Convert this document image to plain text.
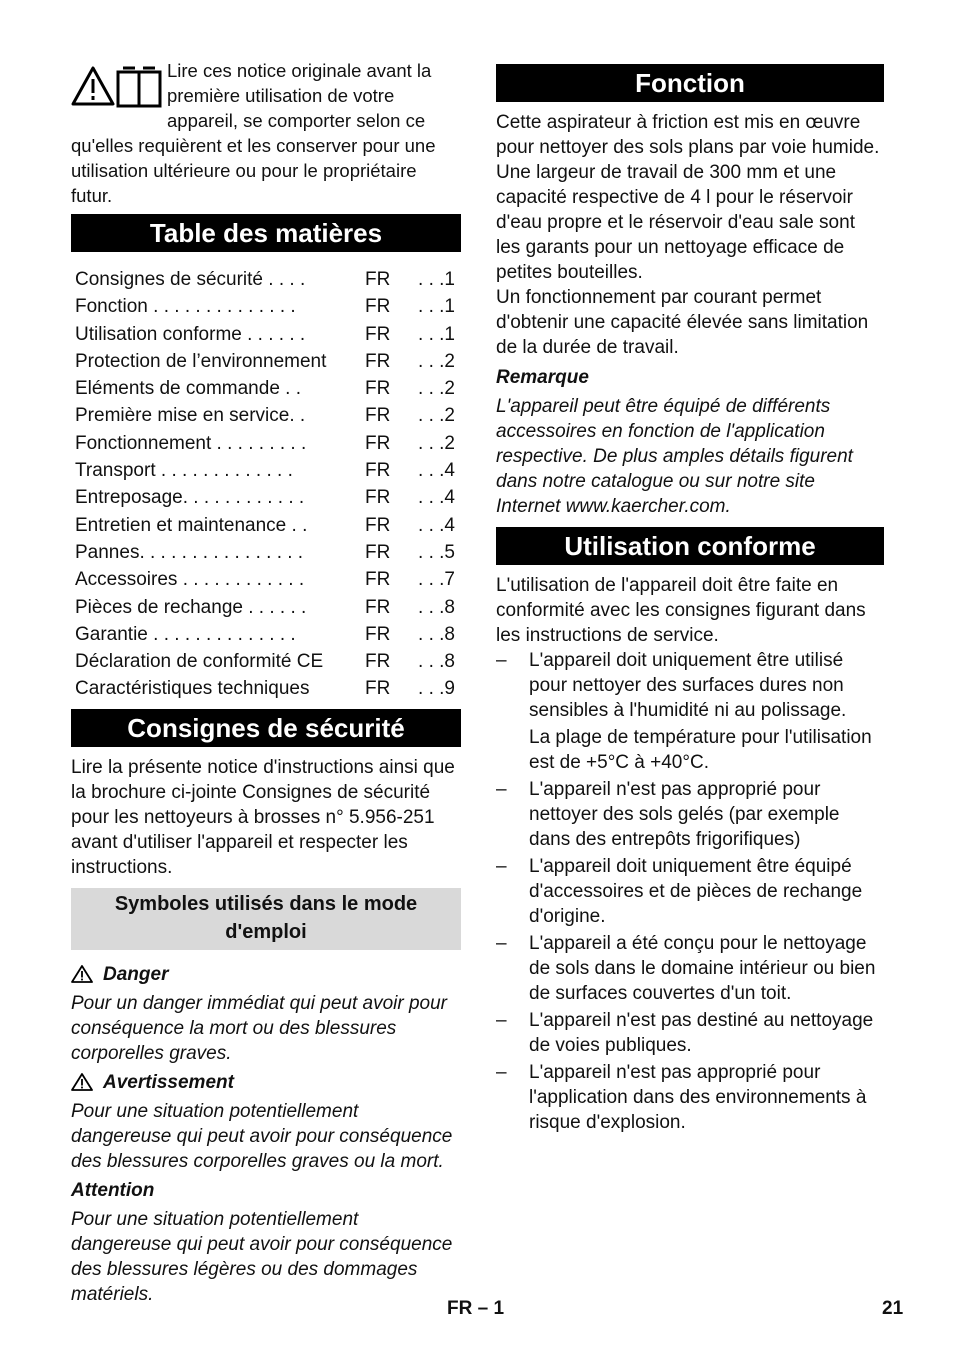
Lire ces notice originale avant la première utilisation de votre appareil, se comporter selon ce qu'elles requièrent et les conserver pour une utilisation ultérieure ou pour le propriétaire futur.
Table des matières
Consignes de sécurité . . . .	FR	. . .1
Fonction . . . . . . . . . . . . . .	FR	. . .1
Utilisation conforme . . . . . .	FR	. . .1
Protection de l’environnement	FR	. . .2
Eléments de commande . .	FR	. . .2
Première mise en service. .	FR	. . .2
Fonctionnement . . . . . . . . .	FR	. . .2
Transport . . . . . . . . . . . . .	FR	. . .4
Entreposage. . . . . . . . . . . .	FR	. . .4
Entretien et maintenance . .	FR	. . .4
Pannes. . . . . . . . . . . . . . . .	FR	. . .5
Accessoires . . . . . . . . . . . .	FR	. . .7
Pièces de rechange . . . . . .	FR	. . .8
Garantie . . . . . . . . . . . . . .	FR	. . .8
Déclaration de conformité CE	FR	. . .8
Caractéristiques techniques	FR	. . .9
Consignes de sécurité

Lire la présente notice d'instructions ainsi que la brochure ci-jointe Consignes de sécurité pour les nettoyeurs à brosses n° 5.956-251 avant d'utiliser l'appareil et respecter les instructions.

Symboles utilisés dans le mode d'emploi
Danger

Pour un danger immédiat qui peut avoir pour conséquence la mort ou des blessures corporelles graves.

Avertissement

Pour une situation potentiellement dangereuse qui peut avoir pour conséquence des blessures corporelles graves ou la mort.

Attention

Pour une situation potentiellement dangereuse qui peut avoir pour conséquence des blessures légères ou des dommages matériels.

Fonction

Cette aspirateur à friction est mis en œuvre pour nettoyer des sols plans par voie humide.

Une largeur de travail de 300 mm et une capacité respective de 4 l pour le réservoir d'eau propre et le réservoir d'eau sale sont les garants pour un nettoyage efficace de petites bouteilles.

Un fonctionnement par courant permet d'obtenir une capacité élevée sans limitation de la durée de travail.

Remarque

L'appareil peut être équipé de différents accessoires en fonction de l'application respective. De plus amples détails figurent dans notre catalogue ou sur notre site Internet www.kaercher.com.

Utilisation conforme

L'utilisation de l'appareil doit être faite en conformité avec les consignes figurant dans les instructions de service.

– L'appareil doit uniquement être utilisé pour nettoyer des surfaces dures non sensibles à l'humidité ni au polissage.

La plage de température pour l'utilisation est de +5°C à +40°C.

– L'appareil n'est pas approprié pour nettoyer des sols gelés (par exemple dans des entrepôts frigorifiques)
– L'appareil doit uniquement être équipé d'accessoires et de pièces de rechange d'origine.
– L'appareil a été conçu pour le nettoyage de sols dans le domaine intérieur ou bien de surfaces couvertes d'un toit.
– L'appareil n'est pas destiné au nettoyage de voies publiques.
– L'appareil n'est pas approprié pour l'application dans des environnements à risque d'explosion.
FR – 1	21
